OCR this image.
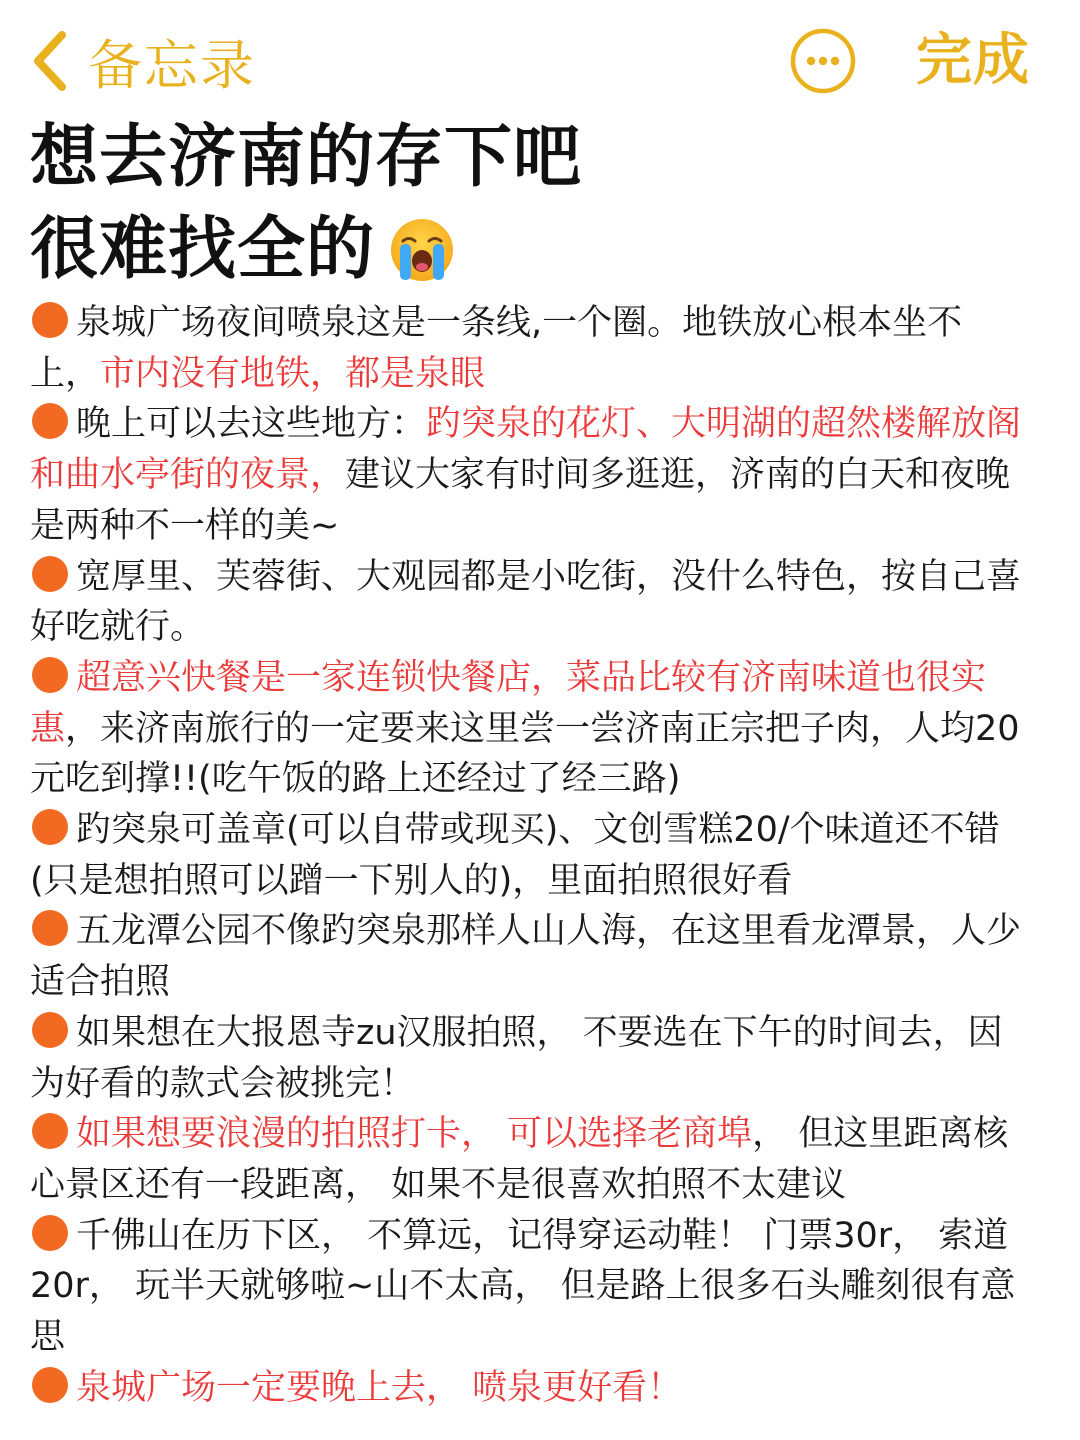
备忘录	完成
想去济南的存下吧
很难找全的

泉城广场夜间喷泉这是一条线,一个圈。地铁放心根本坐不上，市内没有地铁，都是泉眼

晚上可以去这些地方：趵突泉的花灯、大明湖的超然楼解放阁和曲水亭街的夜景，建议大家有时间多逛逛，济南的白天和夜晚是两种不一样的美~

宽厚里、芙蓉街、大观园都是小吃街，没什么特色，按自己喜好吃就行。

超意兴快餐是一家连锁快餐店，菜品比较有济南味道也很实惠，来济南旅行的一定要来这里尝一尝济南正宗把子肉，人均20元吃到撑!!(吃午饭的路上还经过了经三路)

趵突泉可盖章(可以自带或现买)、文创雪糕20/个味道还不错(只是想拍照可以蹭一下别人的)，里面拍照很好看

五龙潭公园不像趵突泉那样人山人海，在这里看龙潭景，人少适合拍照

如果想在大报恩寺zu汉服拍照， 不要选在下午的时间去，因为好看的款式会被挑完！

如果想要浪漫的拍照打卡， 可以选择老商埠， 但这里距离核心景区还有一段距离， 如果不是很喜欢拍照不太建议

千佛山在历下区， 不算远，记得穿运动鞋！ 门票30r， 索道20r， 玩半天就够啦~山不太高， 但是路上很多石头雕刻很有意思

泉城广场一定要晚上去， 喷泉更好看！
